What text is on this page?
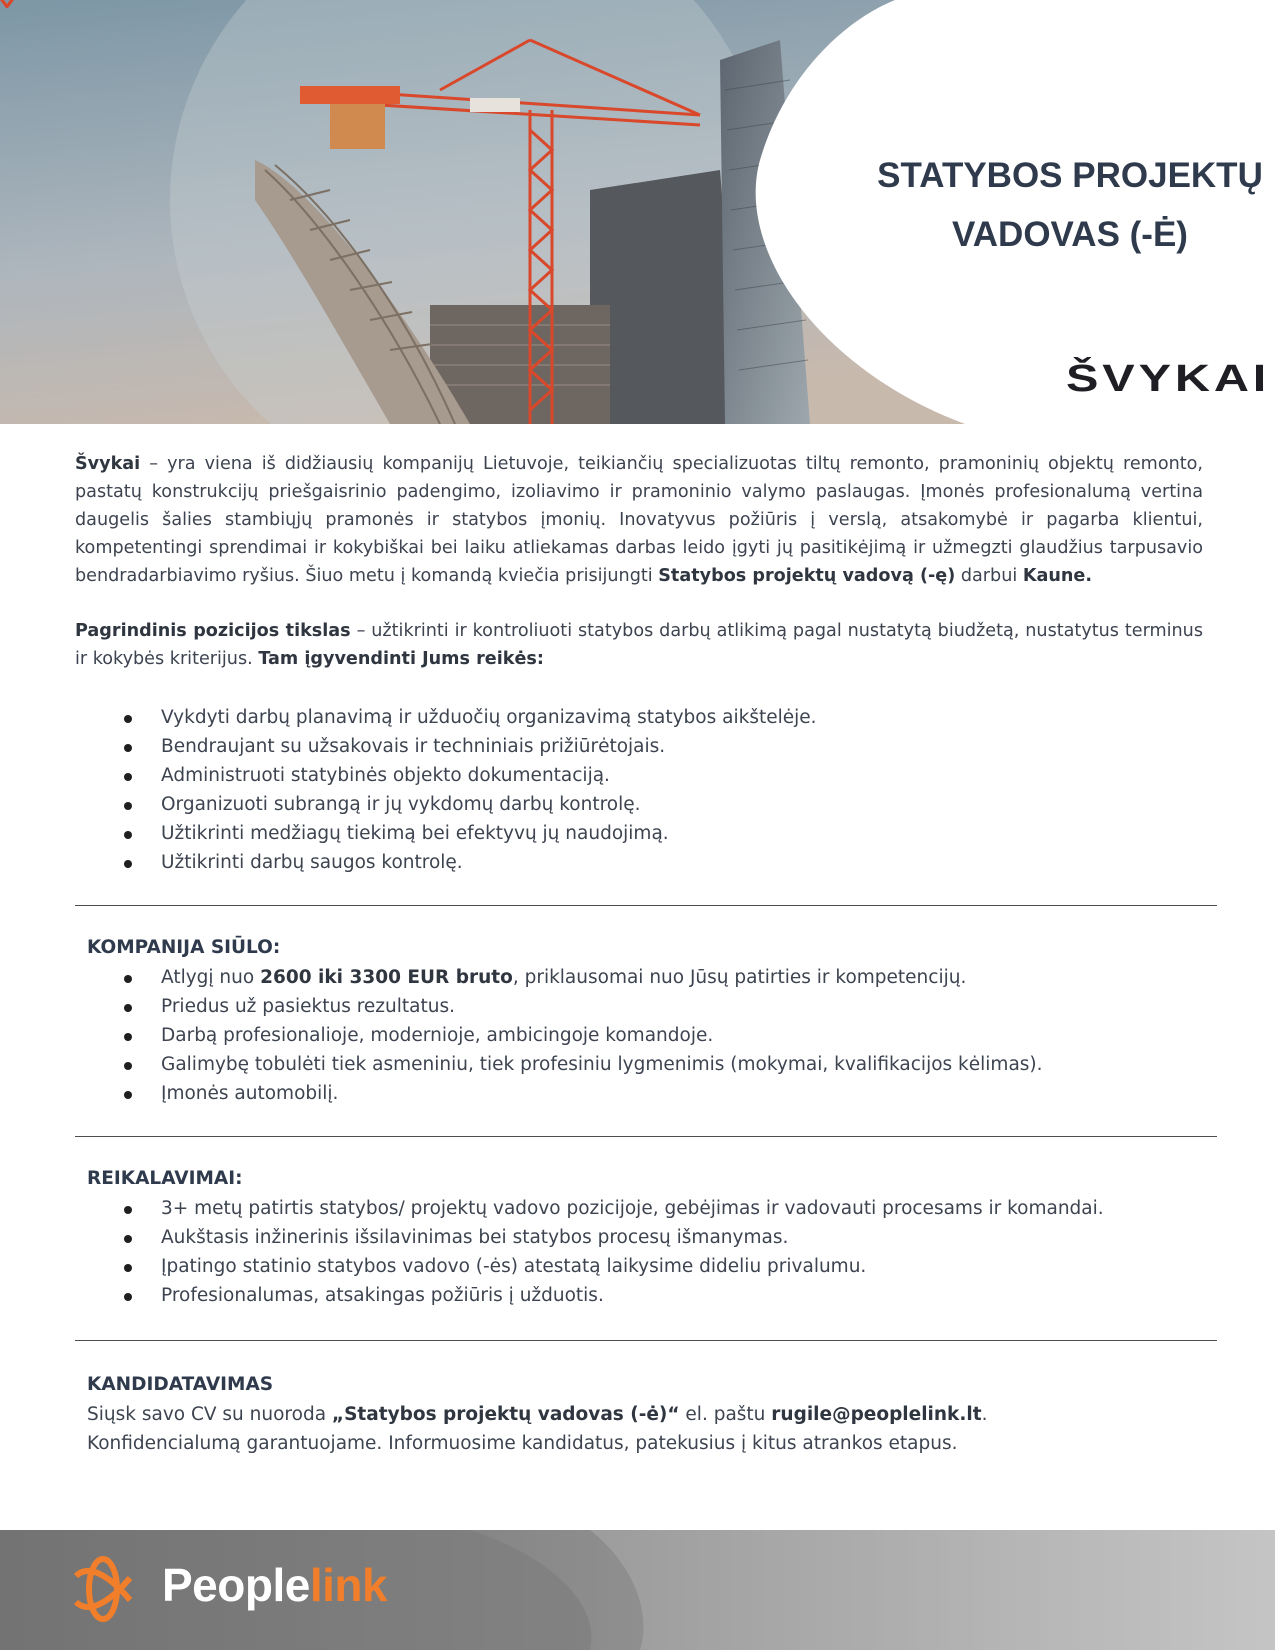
STATYBOS PROJEKTŲ
VADOVAS (-Ė)
ŠVYKAI
Švykai – yra viena iš didžiausių kompanijų Lietuvoje, teikiančių specializuotas tiltų remonto, pramoninių objektų remonto, pastatų konstrukcijų priešgaisrinio padengimo, izoliavimo ir pramoninio valymo paslaugas. Įmonės profesionalumą vertina daugelis šalies stambiųjų pramonės ir statybos įmonių. Inovatyvus požiūris į verslą, atsakomybė ir pagarba klientui, kompetentingi sprendimai ir kokybiškai bei laiku atliekamas darbas leido įgyti jų pasitikėjimą ir užmegzti glaudžius tarpusavio bendradarbiavimo ryšius. Šiuo metu į komandą kviečia prisijungti Statybos projektų vadovą (-ę) darbui Kaune.
Pagrindinis pozicijos tikslas – užtikrinti ir kontroliuoti statybos darbų atlikimą pagal nustatytą biudžetą, nustatytus terminus ir kokybės kriterijus. Tam įgyvendinti Jums reikės:
Vykdyti darbų planavimą ir užduočių organizavimą statybos aikštelėje.
Bendraujant su užsakovais ir techniniais prižiūrėtojais.
Administruoti statybinės objekto dokumentaciją.
Organizuoti subrangą ir jų vykdomų darbų kontrolę.
Užtikrinti medžiagų tiekimą bei efektyvų jų naudojimą.
Užtikrinti darbų saugos kontrolę.
KOMPANIJA SIŪLO:
Atlygį nuo 2600 iki 3300 EUR bruto, priklausomai nuo Jūsų patirties ir kompetencijų.
Priedus už pasiektus rezultatus.
Darbą profesionalioje, modernioje, ambicingoje komandoje.
Galimybę tobulėti tiek asmeniniu, tiek profesiniu lygmenimis (mokymai, kvalifikacijos kėlimas).
Įmonės automobilį.
REIKALAVIMAI:
3+ metų patirtis statybos/ projektų vadovo pozicijoje, gebėjimas ir vadovauti procesams ir komandai.
Aukštasis inžinerinis išsilavinimas bei statybos procesų išmanymas.
Įpatingo statinio statybos vadovo (-ės) atestatą laikysime dideliu privalumu.
Profesionalumas, atsakingas požiūris į užduotis.
KANDIDATAVIMAS
Siųsk savo CV su nuoroda „Statybos projektų vadovas (-ė)“ el. paštu rugile@peoplelink.lt.
Konfidencialumą garantuojame. Informuosime kandidatus, patekusius į kitus atrankos etapus.
Peoplelink
